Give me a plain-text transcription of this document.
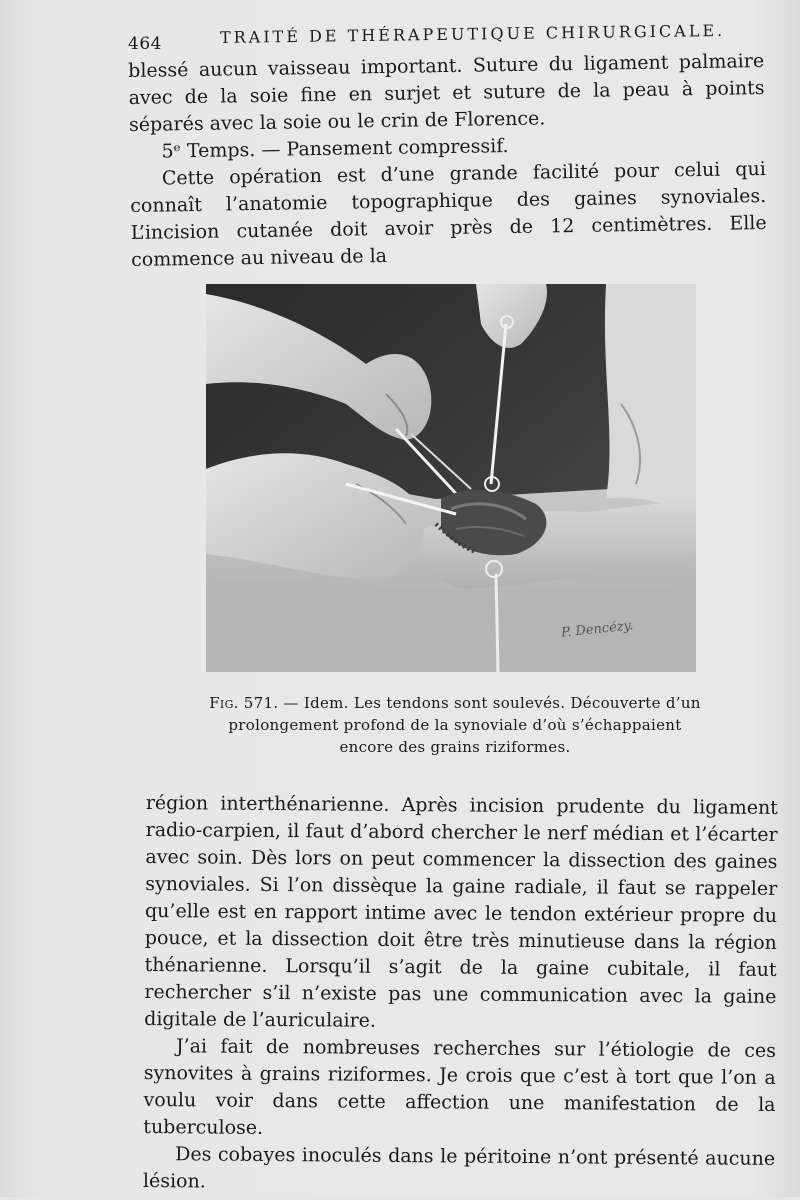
464	TRAITÉ DE THÉRAPEUTIQUE CHIRURGICALE.

blessé aucun vaisseau important. Suture du ligament palmaire avec de la soie fine en surjet et suture de la peau à points séparés avec la soie ou le crin de Florence.

5ᵉ Temps. — Pansement compressif.

Cette opération est d’une grande facilité pour celui qui connaît l’anatomie topographique des gaines synoviales. L’incision cutanée doit avoir près de 12 centimètres. Elle commence au niveau de la

P. Dencézy.
Fig. 571. — Idem. Les tendons sont soulevés. Découverte d’un prolongement profond de la synoviale d’où s’échappaient encore des grains riziformes.

région interthénarienne. Après incision prudente du ligament radio-carpien, il faut d’abord chercher le nerf médian et l’écarter avec soin. Dès lors on peut commencer la dissection des gaines synoviales. Si l’on dissèque la gaine radiale, il faut se rappeler qu’elle est en rapport intime avec le tendon extérieur propre du pouce, et la dissection doit être très minutieuse dans la région thénarienne. Lorsqu’il s’agit de la gaine cubitale, il faut rechercher s’il n’existe pas une communication avec la gaine digitale de l’auriculaire.

J’ai fait de nombreuses recherches sur l’étiologie de ces synovites à grains riziformes. Je crois que c’est à tort que l’on a voulu voir dans cette affection une manifestation de la tuberculose.

Des cobayes inoculés dans le péritoine n’ont présenté aucune lésion.
